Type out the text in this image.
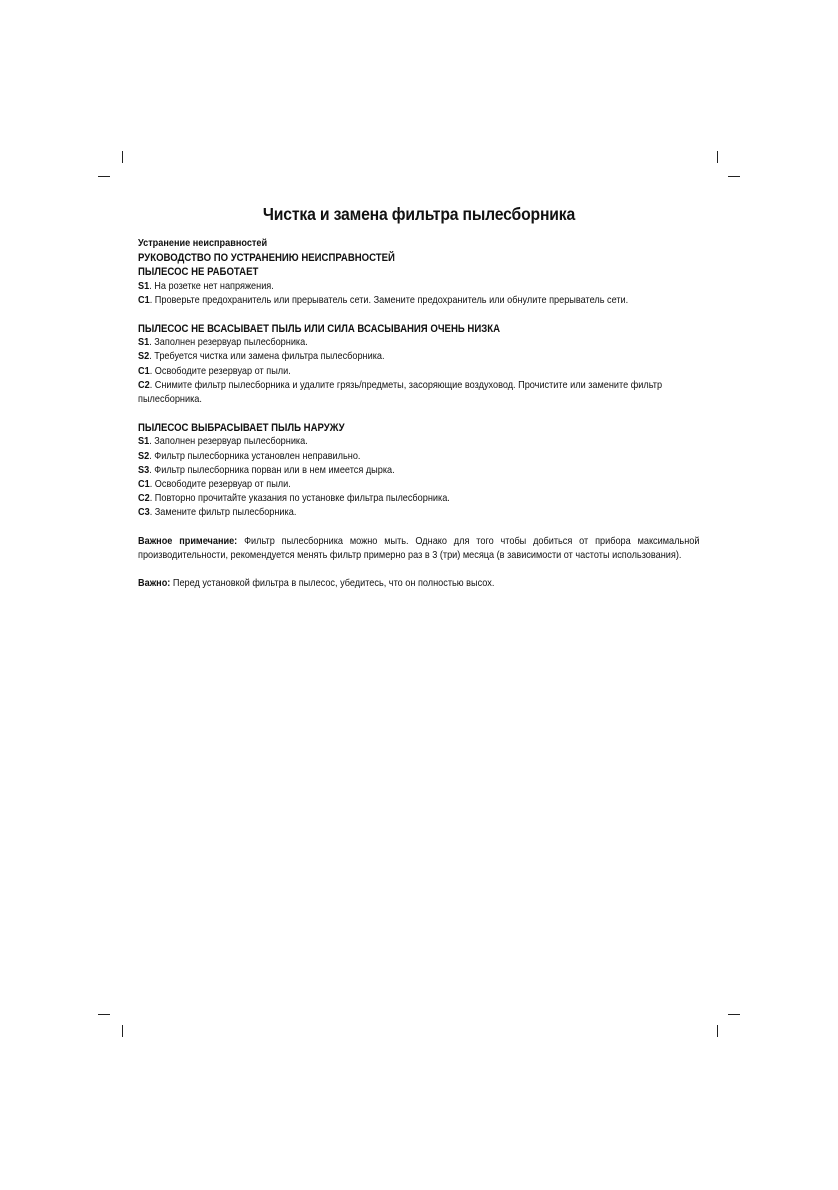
Чистка и замена фильтра пылесборника
Устранение неисправностей
РУКОВОДСТВО ПО УСТРАНЕНИЮ НЕИСПРАВНОСТЕЙ
ПЫЛЕСОС НЕ РАБОТАЕТ
S1. На розетке нет напряжения.
C1. Проверьте предохранитель или прерыватель сети. Замените предохранитель или обнулите прерыватель сети.
ПЫЛЕСОС НЕ ВСАСЫВАЕТ ПЫЛЬ ИЛИ СИЛА ВСАСЫВАНИЯ ОЧЕНЬ НИЗКА
S1. Заполнен резервуар пылесборника.
S2. Требуется чистка или замена фильтра пылесборника.
C1. Освободите резервуар от пыли.
C2. Снимите фильтр пылесборника и удалите грязь/предметы, засоряющие воздуховод. Прочистите или замените фильтр пылесборника.
ПЫЛЕСОС ВЫБРАСЫВАЕТ ПЫЛЬ НАРУЖУ
S1. Заполнен резервуар пылесборника.
S2. Фильтр пылесборника установлен неправильно.
S3. Фильтр пылесборника порван или в нем имеется дырка.
C1. Освободите резервуар от пыли.
C2. Повторно прочитайте указания по установке фильтра пылесборника.
C3. Замените фильтр пылесборника.

Важное примечание: Фильтр пылесборника можно мыть. Однако для того чтобы добиться от прибора максимальной производительности, рекомендуется менять фильтр примерно раз в 3 (три) месяца (в зависимости от частоты использования).

Важно: Перед установкой фильтра в пылесос, убедитесь, что он полностью высох.
